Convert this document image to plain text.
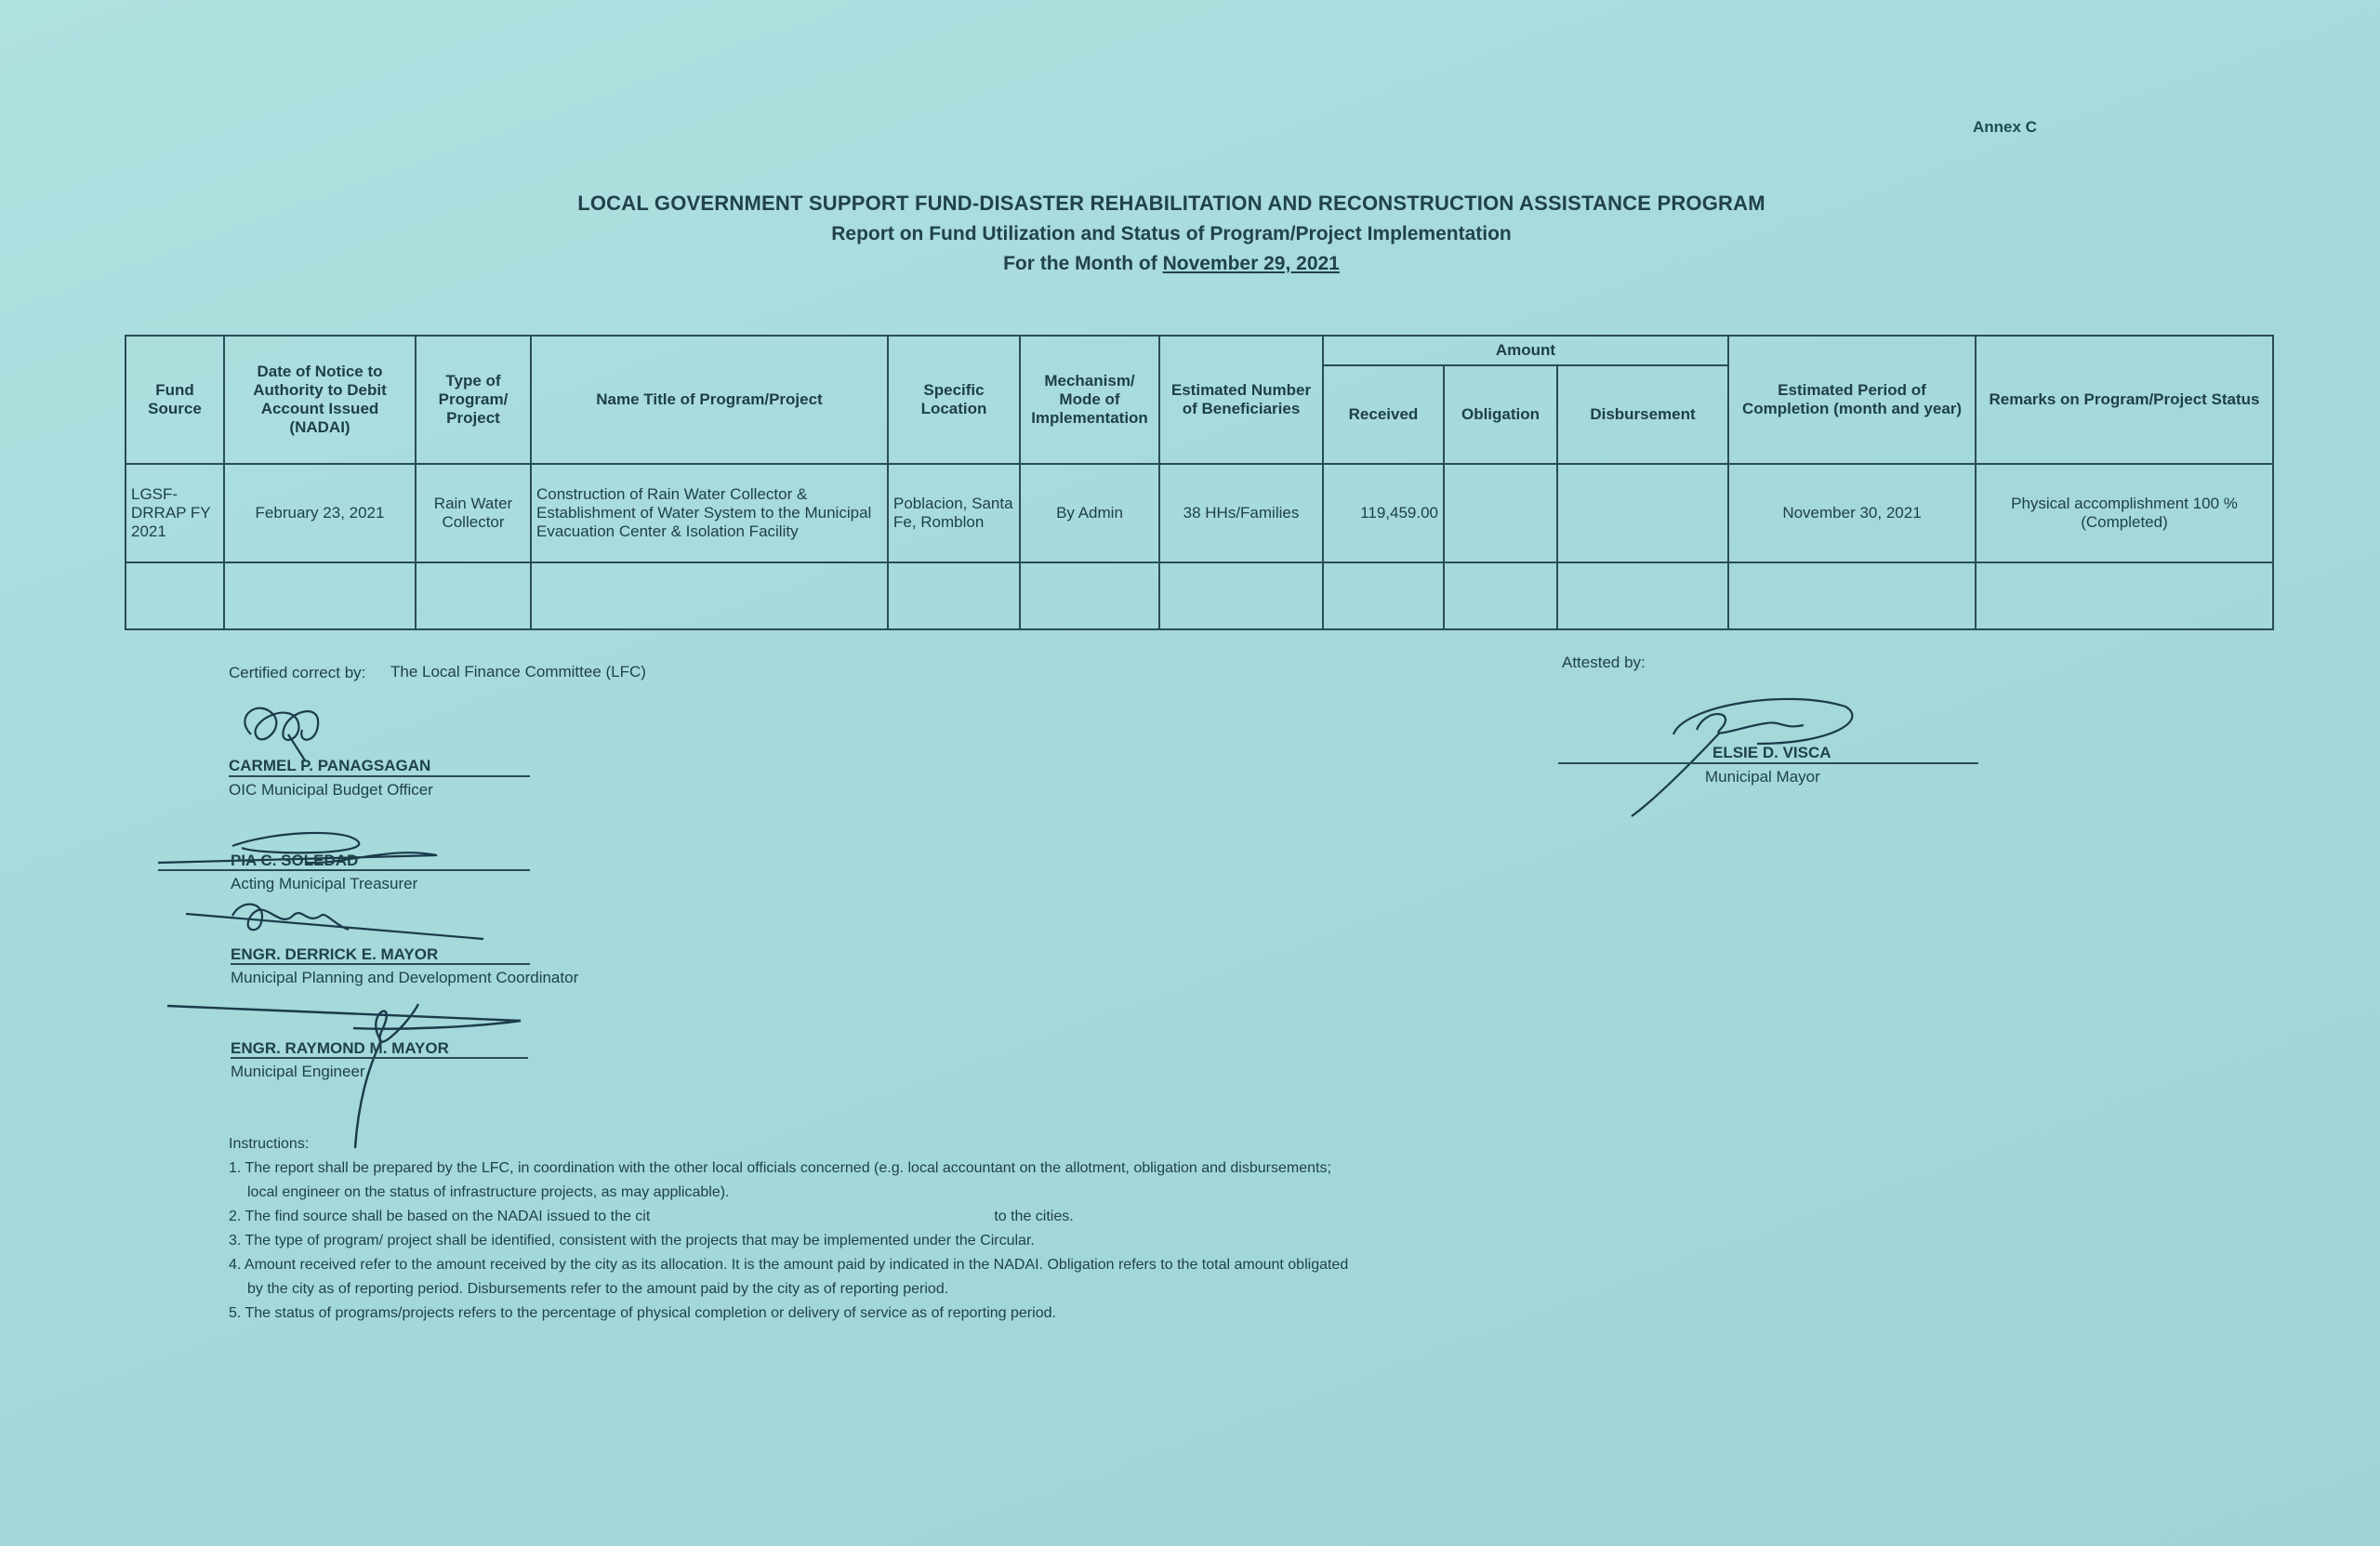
Annex C
LOCAL GOVERNMENT SUPPORT FUND-DISASTER REHABILITATION AND RECONSTRUCTION ASSISTANCE PROGRAM
Report on Fund Utilization and Status of Program/Project Implementation
For the Month of November 29, 2021
Fund Source	Date of Notice to Authority to Debit Account Issued (NADAI)	Type of Program/ Project	Name Title of Program/Project	Specific Location	Mechanism/ Mode of Implementation	Estimated Number of Beneficiaries	Amount			Estimated Period of Completion (month and year)	Remarks on Program/Project Status
							Received	Obligation	Disbursement		
LGSF-DRRAP FY 2021	February 23, 2021	Rain Water Collector	Construction of Rain Water Collector & Establishment of Water System to the Municipal Evacuation Center & Isolation Facility	Poblacion, Santa Fe, Romblon	By Admin	38 HHs/Families	119,459.00			November 30, 2021	Physical accomplishment 100 % (Completed)

Certified correct by: The Local Finance Committee (LFC)
CARMEL P. PANAGSAGAN
OIC Municipal Budget Officer
PIA C. SOLEDAD
Acting Municipal Treasurer
ENGR. DERRICK E. MAYOR
Municipal Planning and Development Coordinator
ENGR. RAYMOND M. MAYOR
Municipal Engineer
Attested by:
ELSIE D. VISCA
Municipal Mayor
Instructions:
1. The report shall be prepared by the LFC, in coordination with the other local officials concerned (e.g. local accountant on the allotment, obligation and disbursements;
local engineer on the status of infrastructure projects, as may applicable).
2. The find source shall be based on the NADAI issued to the cit	to the cities.
3. The type of program/ project shall be identified, consistent with the projects that may be implemented under the Circular.
4. Amount received refer to the amount received by the city as its allocation. It is the amount paid by indicated in the NADAI. Obligation refers to the total amount obligated
by the city as of reporting period. Disbursements refer to the amount paid by the city as of reporting period.
5. The status of programs/projects refers to the percentage of physical completion or delivery of service as of reporting period.
